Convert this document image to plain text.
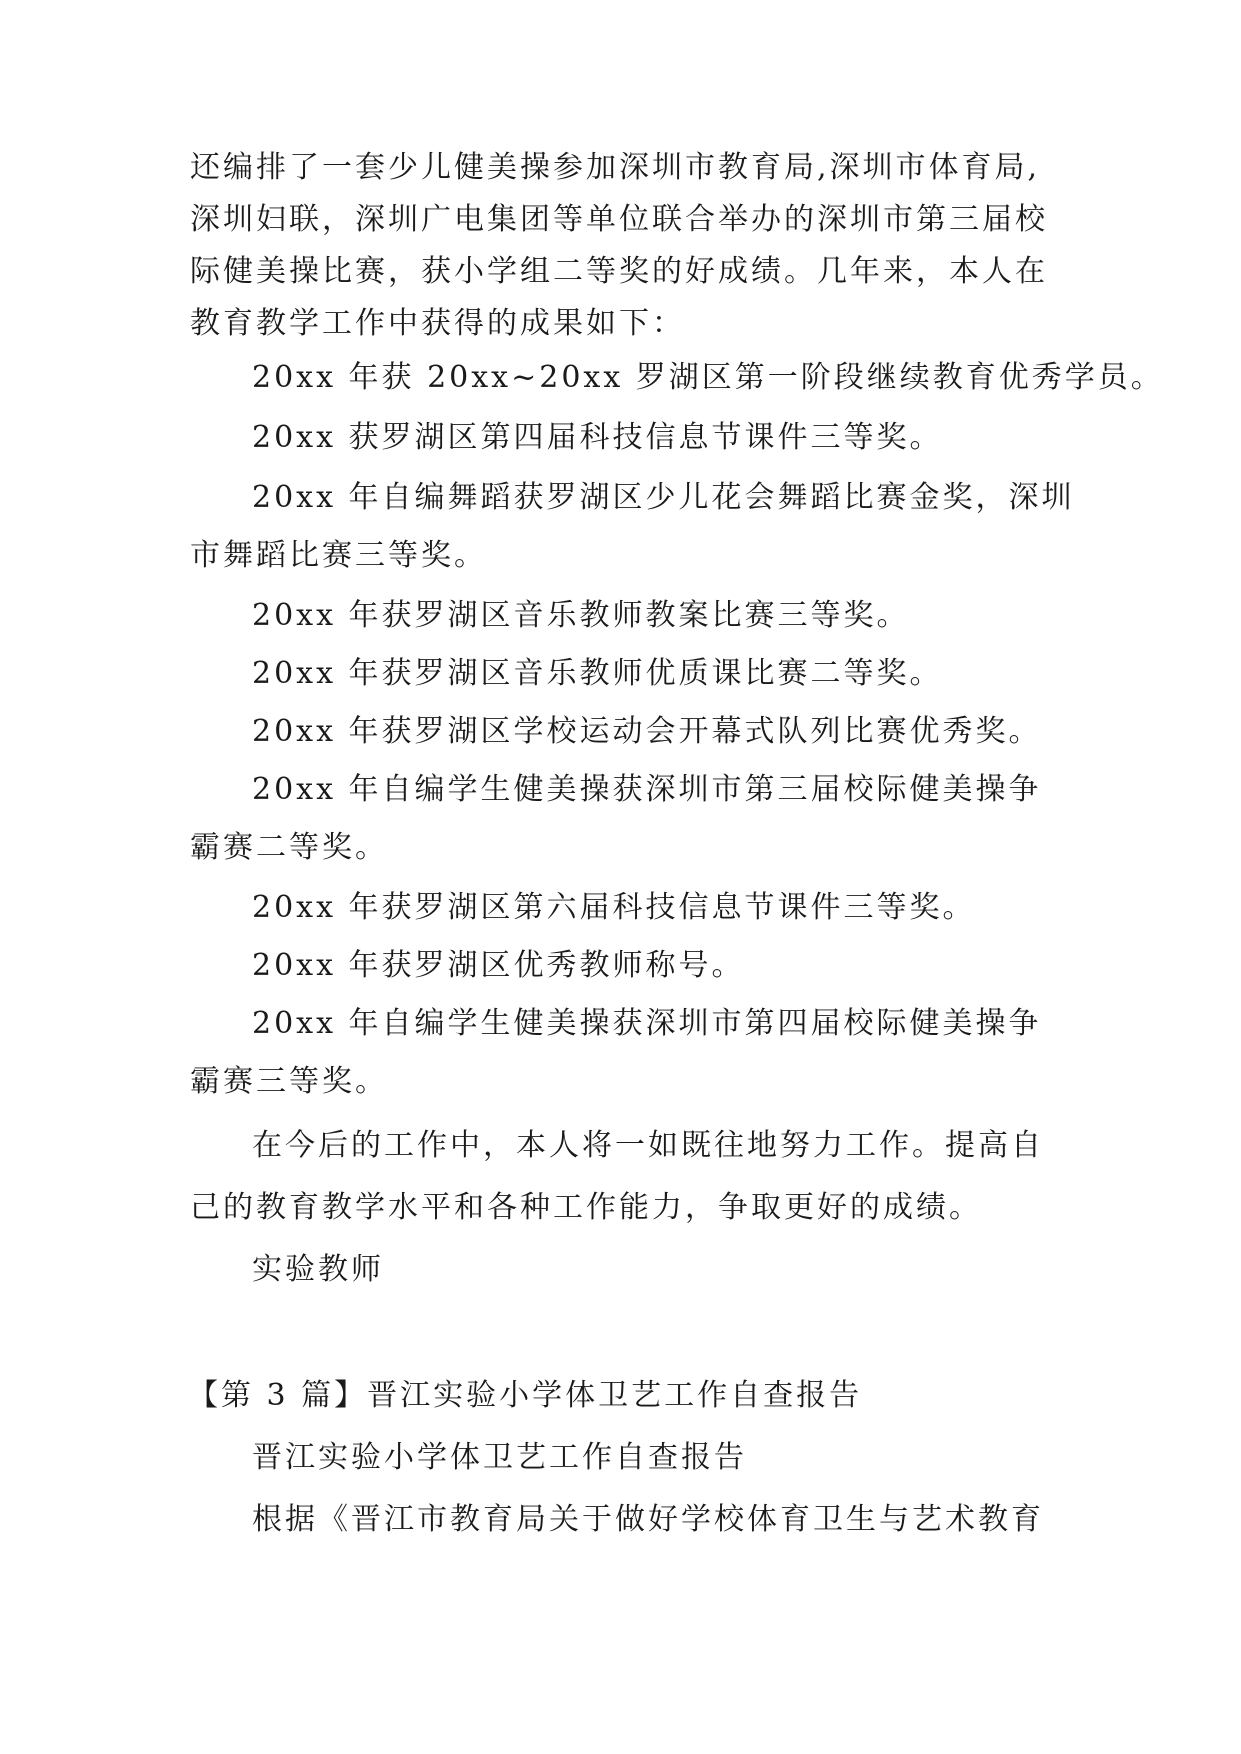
还编排了一套少儿健美操参加深圳市教育局,深圳市体育局,
深圳妇联，深圳广电集团等单位联合举办的深圳市第三届校
际健美操比赛，获小学组二等奖的好成绩。几年来，本人在
教育教学工作中获得的成果如下：
20xx 年获 20xx~20xx 罗湖区第一阶段继续教育优秀学员。
20xx 获罗湖区第四届科技信息节课件三等奖。
20xx 年自编舞蹈获罗湖区少儿花会舞蹈比赛金奖，深圳
市舞蹈比赛三等奖。
20xx 年获罗湖区音乐教师教案比赛三等奖。
20xx 年获罗湖区音乐教师优质课比赛二等奖。
20xx 年获罗湖区学校运动会开幕式队列比赛优秀奖。
20xx 年自编学生健美操获深圳市第三届校际健美操争
霸赛二等奖。
20xx 年获罗湖区第六届科技信息节课件三等奖。
20xx 年获罗湖区优秀教师称号。
20xx 年自编学生健美操获深圳市第四届校际健美操争
霸赛三等奖。
在今后的工作中，本人将一如既往地努力工作。提高自
己的教育教学水平和各种工作能力，争取更好的成绩。
实验教师
【第 3 篇】晋江实验小学体卫艺工作自查报告
晋江实验小学体卫艺工作自查报告
根据《晋江市教育局关于做好学校体育卫生与艺术教育
